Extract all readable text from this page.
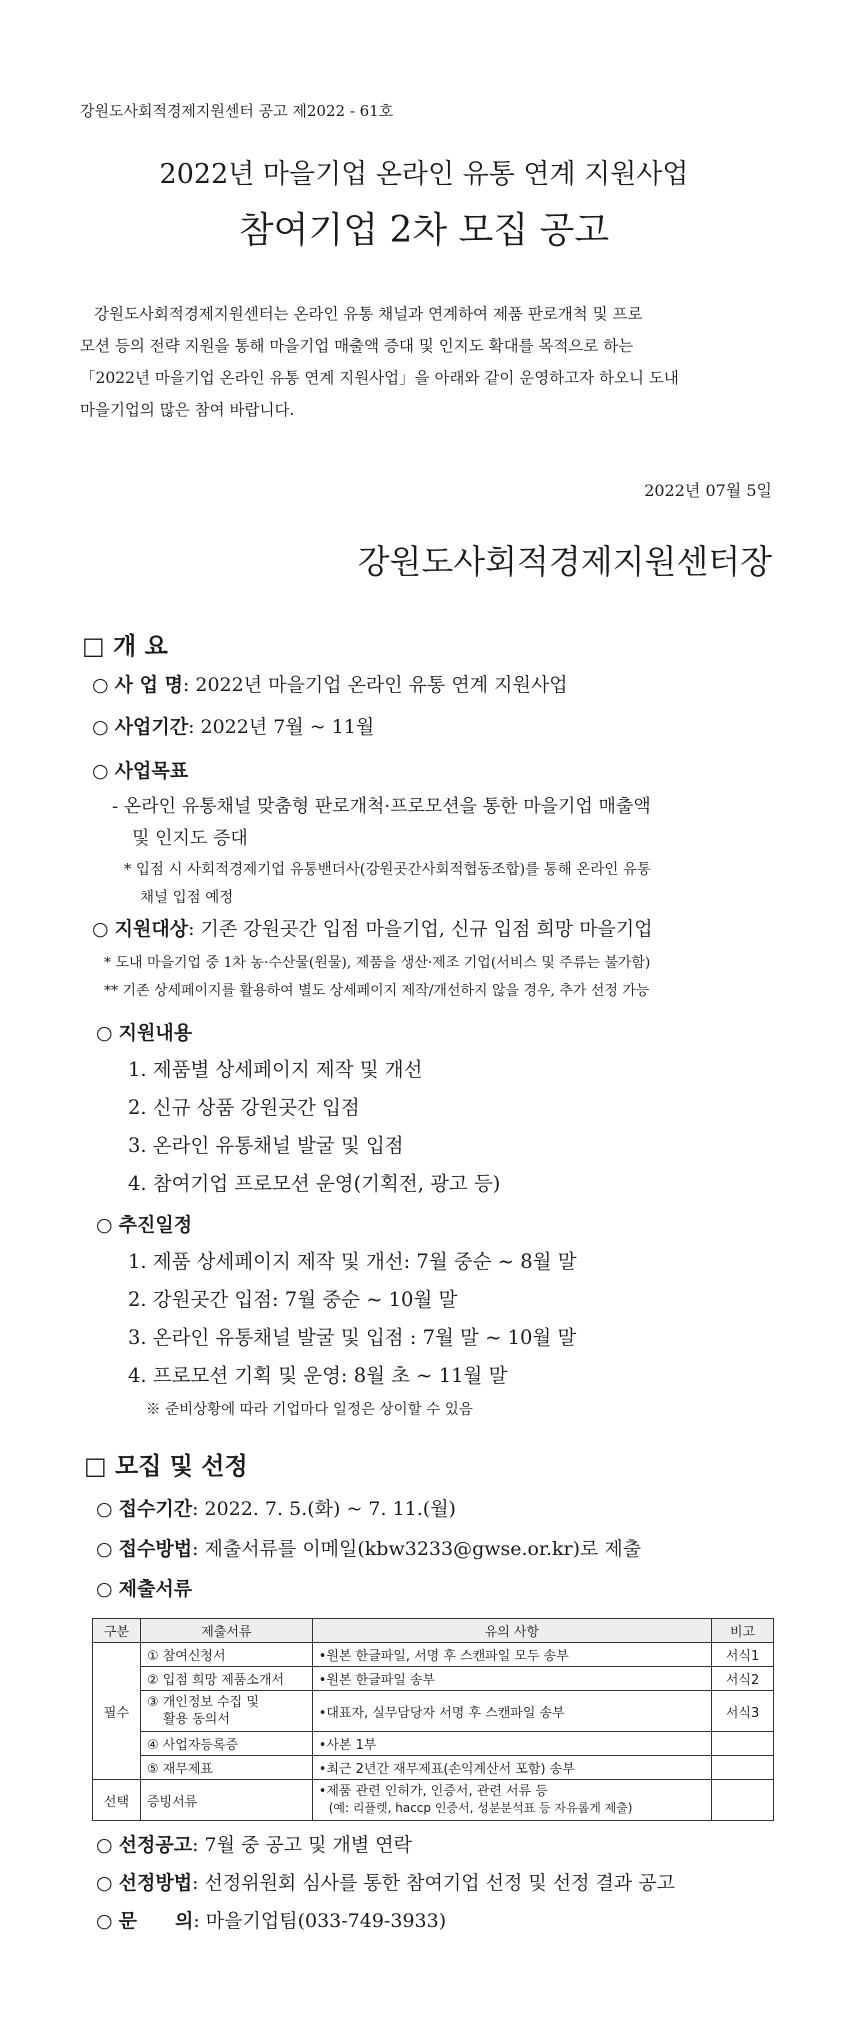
강원도사회적경제지원센터 공고 제2022 - 61호
2022년 마을기업 온라인 유통 연계 지원사업
참여기업 2차 모집 공고
강원도사회적경제지원센터는 온라인 유통 채널과 연계하여 제품 판로개척 및 프로
모션 등의 전략 지원을 통해 마을기업 매출액 증대 및 인지도 확대를 목적으로 하는
「2022년 마을기업 온라인 유통 연계 지원사업」을 아래와 같이 운영하고자 하오니 도내
마을기업의 많은 참여 바랍니다.
2022년 07월 5일
강원도사회적경제지원센터장
□ 개 요
○ 사 업 명: 2022년 마을기업 온라인 유통 연계 지원사업
○ 사업기간: 2022년 7월 ~ 11월
○ 사업목표
- 온라인 유통채널 맞춤형 판로개척·프로모션을 통한 마을기업 매출액
및 인지도 증대
* 입점 시 사회적경제기업 유통밴더사(강원곳간사회적협동조합)를 통해 온라인 유통
채널 입점 예정
○ 지원대상: 기존 강원곳간 입점 마을기업, 신규 입점 희망 마을기업
* 도내 마을기업 중 1차 농·수산물(원물), 제품을 생산·제조 기업(서비스 및 주류는 불가함)
** 기존 상세페이지를 활용하여 별도 상세페이지 제작/개선하지 않을 경우, 추가 선정 가능
○ 지원내용
1. 제품별 상세페이지 제작 및 개선
2. 신규 상품 강원곳간 입점
3. 온라인 유통채널 발굴 및 입점
4. 참여기업 프로모션 운영(기획전, 광고 등)
○ 추진일정
1. 제품 상세페이지 제작 및 개선: 7월 중순 ~ 8월 말
2. 강원곳간 입점: 7월 중순 ~ 10월 말
3. 온라인 유통채널 발굴 및 입점 : 7월 말 ~ 10월 말
4. 프로모션 기획 및 운영: 8월 초 ~ 11월 말
※ 준비상황에 따라 기업마다 일정은 상이할 수 있음
□ 모집 및 선정
○ 접수기간: 2022. 7. 5.(화) ~ 7. 11.(월)
○ 접수방법: 제출서류를 이메일(kbw3233@gwse.or.kr)로 제출
○ 제출서류
구분	제출서류	유의 사항	비고
필수	① 참여신청서	•원본 한글파일, 서명 후 스캔파일 모두 송부	서식1
	② 입점 희망 제품소개서	•원본 한글파일 송부	서식2

	③ 개인정보 수집 및
활용 동의서	•대표자, 실무담당자 서명 후 스캔파일 송부	서식3
	④ 사업자등록증	•사본 1부	
	⑤ 재무제표	•최근 2년간 재무제표(손익계산서 포함) 송부	
선택	증빙서류	•제품 관련 인허가, 인증서, 관련 서류 등
(예: 리플렛, haccp 인증서, 성분분석표 등 자유롭게 제출)	

○ 선정공고: 7월 중 공고 및 개별 연락
○ 선정방법: 선정위원회 심사를 통한 참여기업 선정 및 선정 결과 공고
○ 문　　의: 마을기업팀(033-749-3933)
